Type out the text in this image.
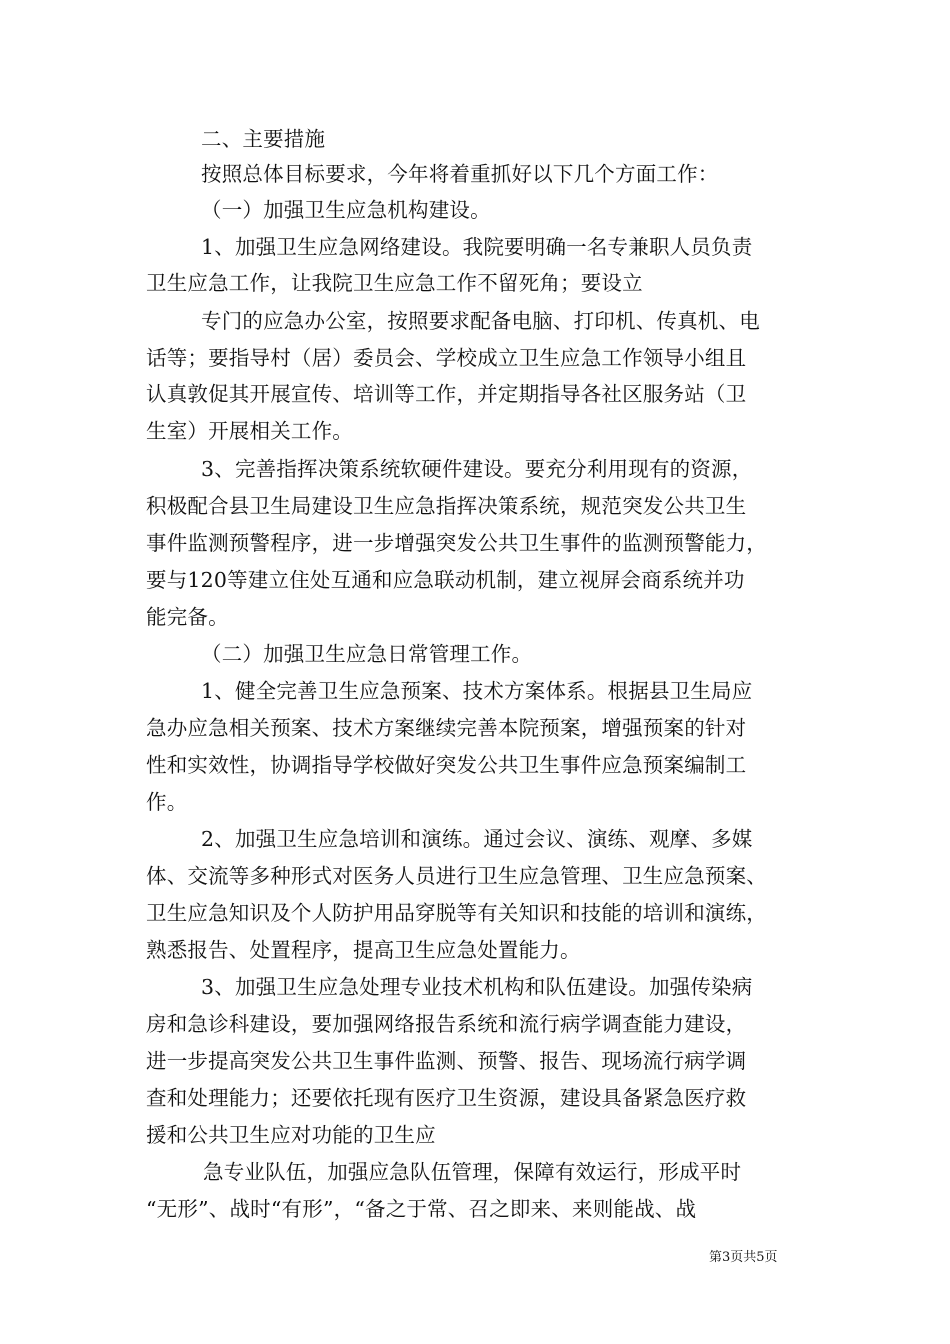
二、主要措施
按照总体目标要求，今年将着重抓好以下几个方面工作：
（一）加强卫生应急机构建设。
1、加强卫生应急网络建设。我院要明确一名专兼职人员负责
卫生应急工作，让我院卫生应急工作不留死角；要设立
专门的应急办公室，按照要求配备电脑、打印机、传真机、电
话等；要指导村（居）委员会、学校成立卫生应急工作领导小组且
认真敦促其开展宣传、培训等工作，并定期指导各社区服务站（卫
生室）开展相关工作。
3、完善指挥决策系统软硬件建设。要充分利用现有的资源，
积极配合县卫生局建设卫生应急指挥决策系统，规范突发公共卫生
事件监测预警程序，进一步增强突发公共卫生事件的监测预警能力，
要与120等建立住处互通和应急联动机制，建立视屏会商系统并功
能完备。
（二）加强卫生应急日常管理工作。
1、健全完善卫生应急预案、技术方案体系。根据县卫生局应
急办应急相关预案、技术方案继续完善本院预案，增强预案的针对
性和实效性，协调指导学校做好突发公共卫生事件应急预案编制工
作。
2、加强卫生应急培训和演练。通过会议、演练、观摩、多媒
体、交流等多种形式对医务人员进行卫生应急管理、卫生应急预案、
卫生应急知识及个人防护用品穿脱等有关知识和技能的培训和演练，
熟悉报告、处置程序，提高卫生应急处置能力。
3、加强卫生应急处理专业技术机构和队伍建设。加强传染病
房和急诊科建设，要加强网络报告系统和流行病学调查能力建设，
进一步提高突发公共卫生事件监测、预警、报告、现场流行病学调
查和处理能力；还要依托现有医疗卫生资源，建设具备紧急医疗救
援和公共卫生应对功能的卫生应
急专业队伍，加强应急队伍管理，保障有效运行，形成平时
“无形”、战时“有形”，“备之于常、召之即来、来则能战、战
第3页共5页
